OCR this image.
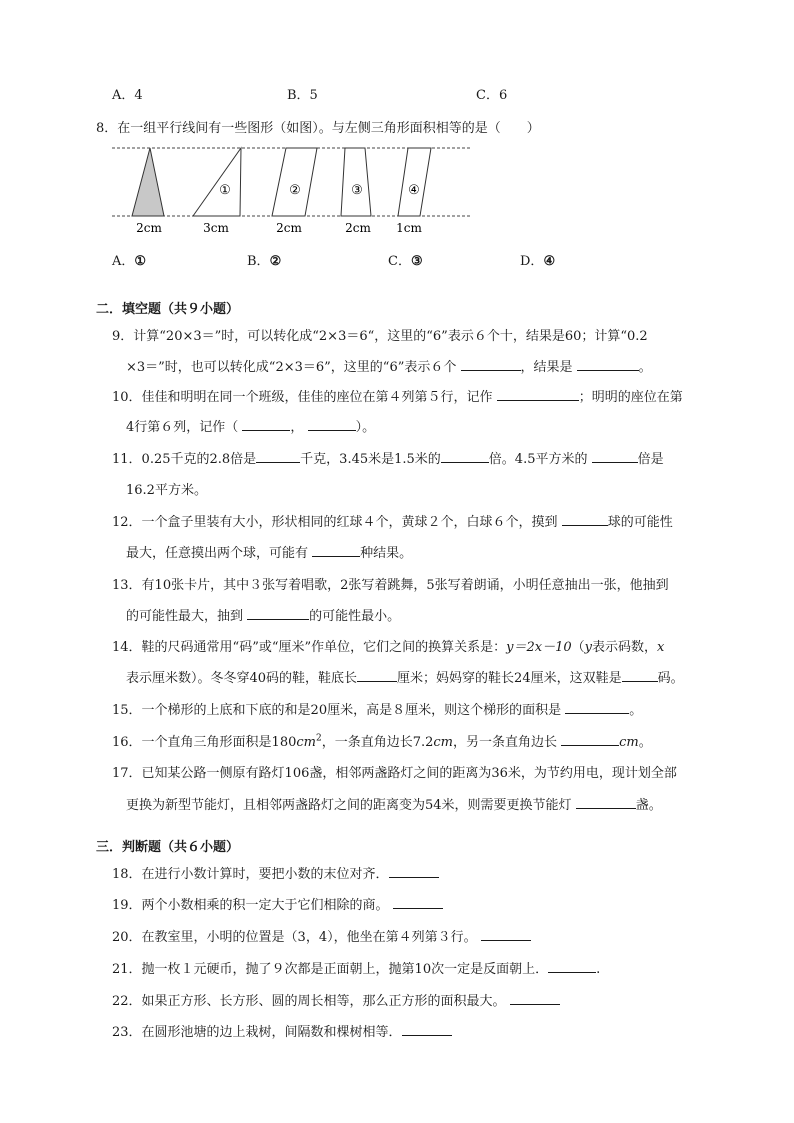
A．4	B．5	C．6
8．在一组平行线间有一些图形（如图）。与左侧三角形面积相等的是（　　）
①	②	③	④
2cm	3cm	2cm	2cm 1cm
A．①	B．②	C．③	D．④
二．填空题（共９小题）
9．计算“20×3＝”时，可以转化成“2×3＝6“，这里的“6”表示６个十，结果是60；计算“0.2
×3＝”时，也可以转化成“2×3＝6”，这里的“6”表示６个	，结果是	。
10．佳佳和明明在同一个班级，佳佳的座位在第４列第５行，记作	；明明的座位在第
4行第６列，记作（	，	）。
11．0.25千克的2.8倍是	千克，3.45米是1.5米的	倍。4.5平方米的	倍是
16.2平方米。
12．一个盒子里装有大小，形状相同的红球４个，黄球２个，白球６个，摸到	球的可能性
最大，任意摸出两个球，可能有	种结果。
13．有10张卡片，其中３张写着唱歌，2张写着跳舞，5张写着朗诵，小明任意抽出一张，他抽到
的可能性最大，抽到	的可能性最小。
14．鞋的尺码通常用“码”或“厘米”作单位，它们之间的换算关系是：y＝2x－10（y表示码数，x
表示厘米数）。冬冬穿40码的鞋，鞋底长	厘米；妈妈穿的鞋长24厘米，这双鞋是	码。
15．一个梯形的上底和下底的和是20厘米，高是８厘米，则这个梯形的面积是	。
16．一个直角三角形面积是$180cm^2$，一条直角边长7.2cm，另一条直角边长	cm。
17．已知某公路一侧原有路灯106盏，相邻两盏路灯之间的距离为36米，为节约用电，现计划全部
更换为新型节能灯，且相邻两盏路灯之间的距离变为54米，则需要更换节能灯	盏。
三．判断题（共６小题）
18．在进行小数计算时，要把小数的末位对齐．
19．两个小数相乘的积一定大于它们相除的商。
20．在教室里，小明的位置是（3，4），他坐在第４列第３行。
21．抛一枚１元硬币，抛了９次都是正面朝上，抛第10次一定是反面朝上．	.
22．如果正方形、长方形、圆的周长相等，那么正方形的面积最大。
23．在圆形池塘的边上栽树，间隔数和棵树相等．
